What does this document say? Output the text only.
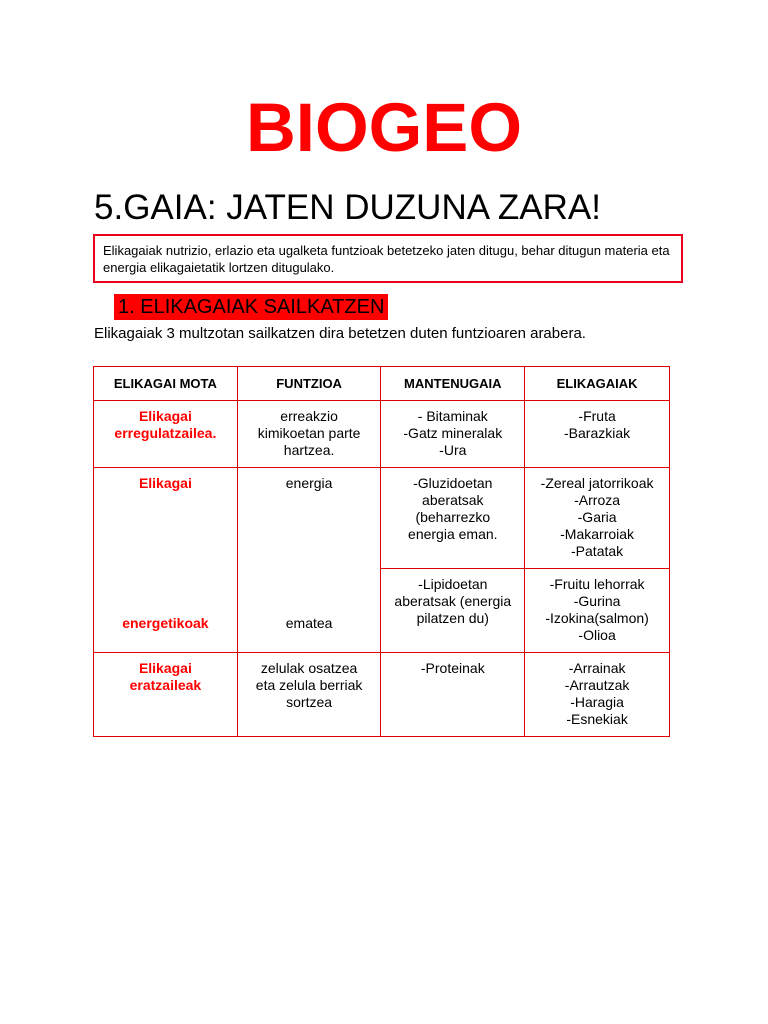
BIOGEO
5.GAIA: JATEN DUZUNA ZARA!
Elikagaiak nutrizio, erlazio eta ugalketa funtzioak betetzeko jaten ditugu, behar ditugun materia eta energia elikagaietatik lortzen ditugulako.
1. ELIKAGAIAK SAILKATZEN
Elikagaiak 3 multzotan sailkatzen dira betetzen duten funtzioaren arabera.
ELIKAGAI MOTA	FUNTZIOA	MANTENUGAIA	ELIKAGAIAK

Elikagai
erregulatzailea.	erreakzio
kimikoetan parte
hartzea.	- Bitaminak
-Gatz mineralak
-Ura	-Fruta
-Barazkiak

Elikagai
energetikoak	energia
ematea	-Gluzidoetan
aberatsak
(beharrezko
energia eman.	-Zereal jatorrikoak
-Arroza
-Garia
-Makarroiak
-Patatak

		-Lipidoetan
aberatsak (energia
pilatzen du)	-Fruitu lehorrak
-Gurina
-Izokina(salmon)
-Olioa

Elikagai
eratzaileak	zelulak osatzea
eta zelula berriak
sortzea	-Proteinak	-Arrainak
-Arrautzak
-Haragia
-Esnekiak
